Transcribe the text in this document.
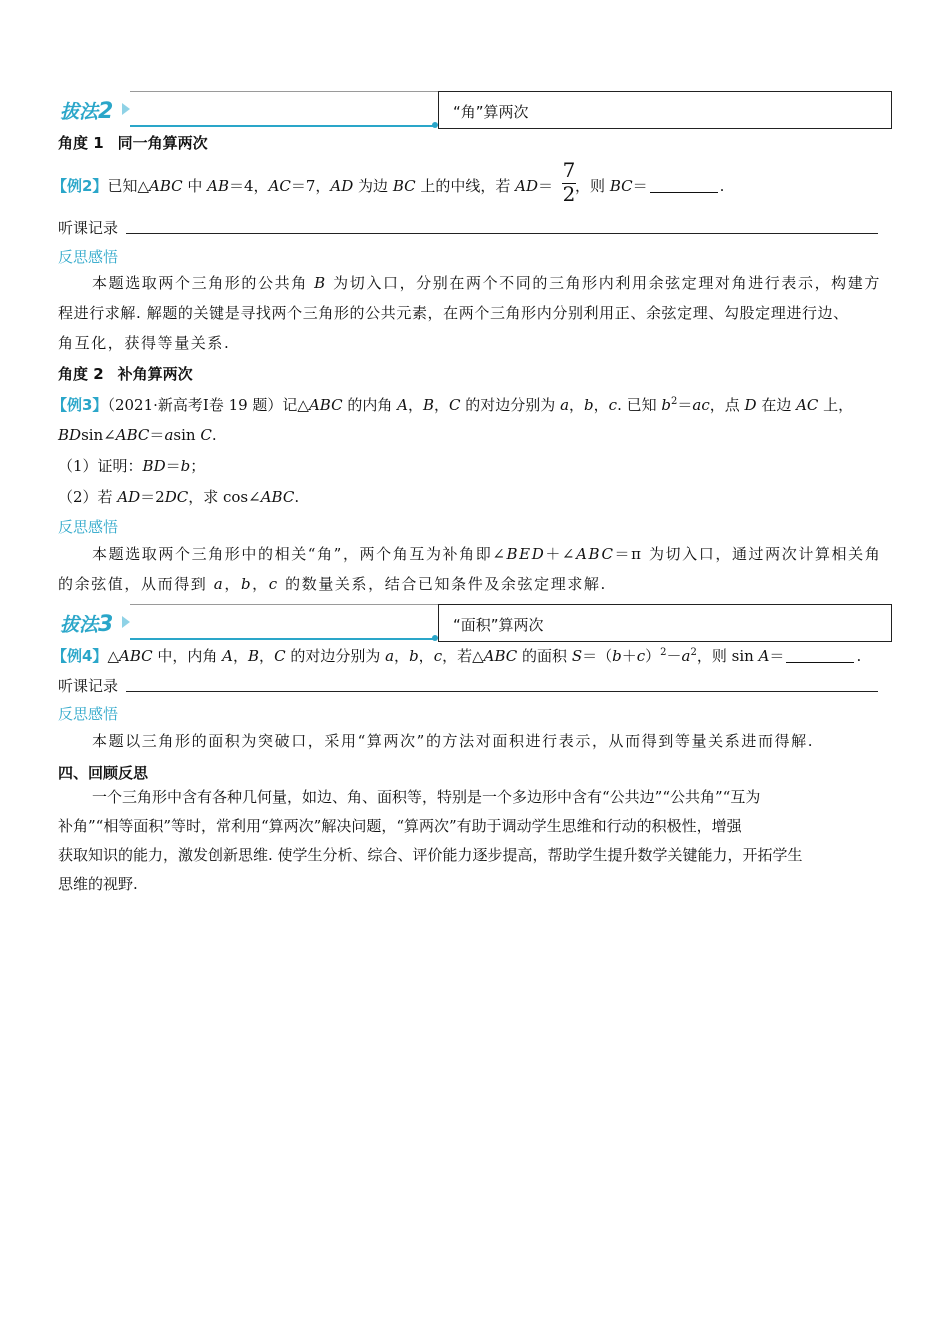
拔法2	“角”算两次
角度 1 同一角算两次
【例2】已知△ABC 中 AB＝4，AC＝7，AD 为边 BC 上的中线，若 AD＝ ，则 BC＝	.
7
2
听课记录
反思感悟
本题选取两个三角形的公共角 B 为切入口，分别在两个不同的三角形内利用余弦定理对角进行表示，构建方
程进行求解. 解题的关键是寻找两个三角形的公共元素，在两个三角形内分别利用正、余弦定理、勾股定理进行边、
角互化，获得等量关系.
角度 2 补角算两次
【例3】（2021·新高考Ⅰ卷 19 题）记△ABC 的内角 A，B，C 的对边分别为 a，b，c. 已知 $b^2=ac$，点 D 在边 AC 上，
BDsin∠ABC＝asin C.
（1）证明：BD＝b；
（2）若 AD＝2DC，求 cos∠ABC.
反思感悟
本题选取两个三角形中的相关“角”，两个角互为补角即∠BED＋∠ABC＝π 为切入口，通过两次计算相关角
的余弦值，从而得到 a，b，c 的数量关系，结合已知条件及余弦定理求解.
拔法3	“面积”算两次
【例4】△ABC 中，内角 A，B，C 的对边分别为 a，b，c，若△ABC 的面积 $S=(b+c)^2-a^2$，则 sin A＝	.
听课记录
反思感悟
本题以三角形的面积为突破口，采用“算两次”的方法对面积进行表示，从而得到等量关系进而得解.
四、回顾反思
一个三角形中含有各种几何量，如边、角、面积等，特别是一个多边形中含有“公共边”“公共角”“互为
补角”“相等面积”等时，常利用“算两次”解决问题，“算两次”有助于调动学生思维和行动的积极性，增强
获取知识的能力，激发创新思维. 使学生分析、综合、评价能力逐步提高，帮助学生提升数学关键能力，开拓学生
思维的视野.
